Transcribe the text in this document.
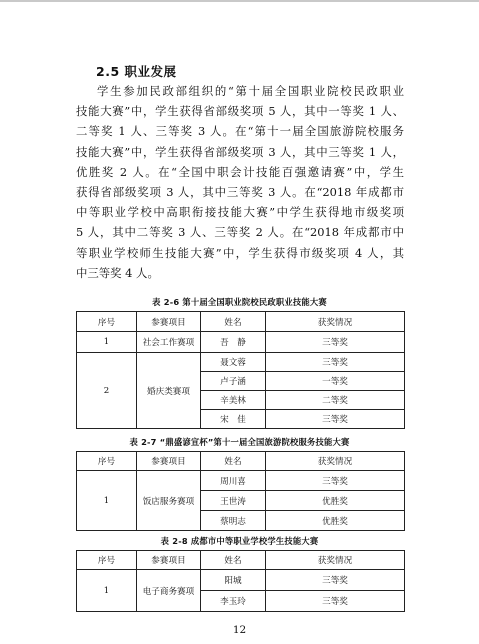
2.5 职业发展
学生参加民政部组织的“第十届全国职业院校民政职业
技能大赛”中，学生获得省部级奖项 5 人，其中一等奖 1 人、
二等奖 1 人、三等奖 3 人。在“第十一届全国旅游院校服务
技能大赛”中，学生获得省部级奖项 3 人，其中三等奖 1 人，
优胜奖 2 人。在“全国中职会计技能百强邀请赛”中，学生
获得省部级奖项 3 人，其中三等奖 3 人。在“2018 年成都市
中等职业学校中高职衔接技能大赛”中学生获得地市级奖项
5 人，其中二等奖 3 人、三等奖 2 人。在“2018 年成都市中
等职业学校师生技能大赛”中，学生获得市级奖项 4 人，其
中三等奖 4 人。
表 2-6 第十届全国职业院校民政职业技能大赛
序号	参赛项目	姓名	获奖情况
1	社会工作赛项	吾　静	三等奖
2	婚庆类赛项	聂文蓉	三等奖
		卢子涵	一等奖
		辛美林	二等奖
		宋　佳	三等奖
表 2-7 “鼎盛谚宣杯”第十一届全国旅游院校服务技能大赛
序号	参赛项目	姓名	获奖情况
1	饭店服务赛项	周川喜	三等奖
		王世涛	优胜奖
		蔡明志	优胜奖
表 2-8 成都市中等职业学校学生技能大赛
序号	参赛项目	姓名	获奖情况
1	电子商务赛项	阳城	三等奖
		李玉玲	三等奖
12
